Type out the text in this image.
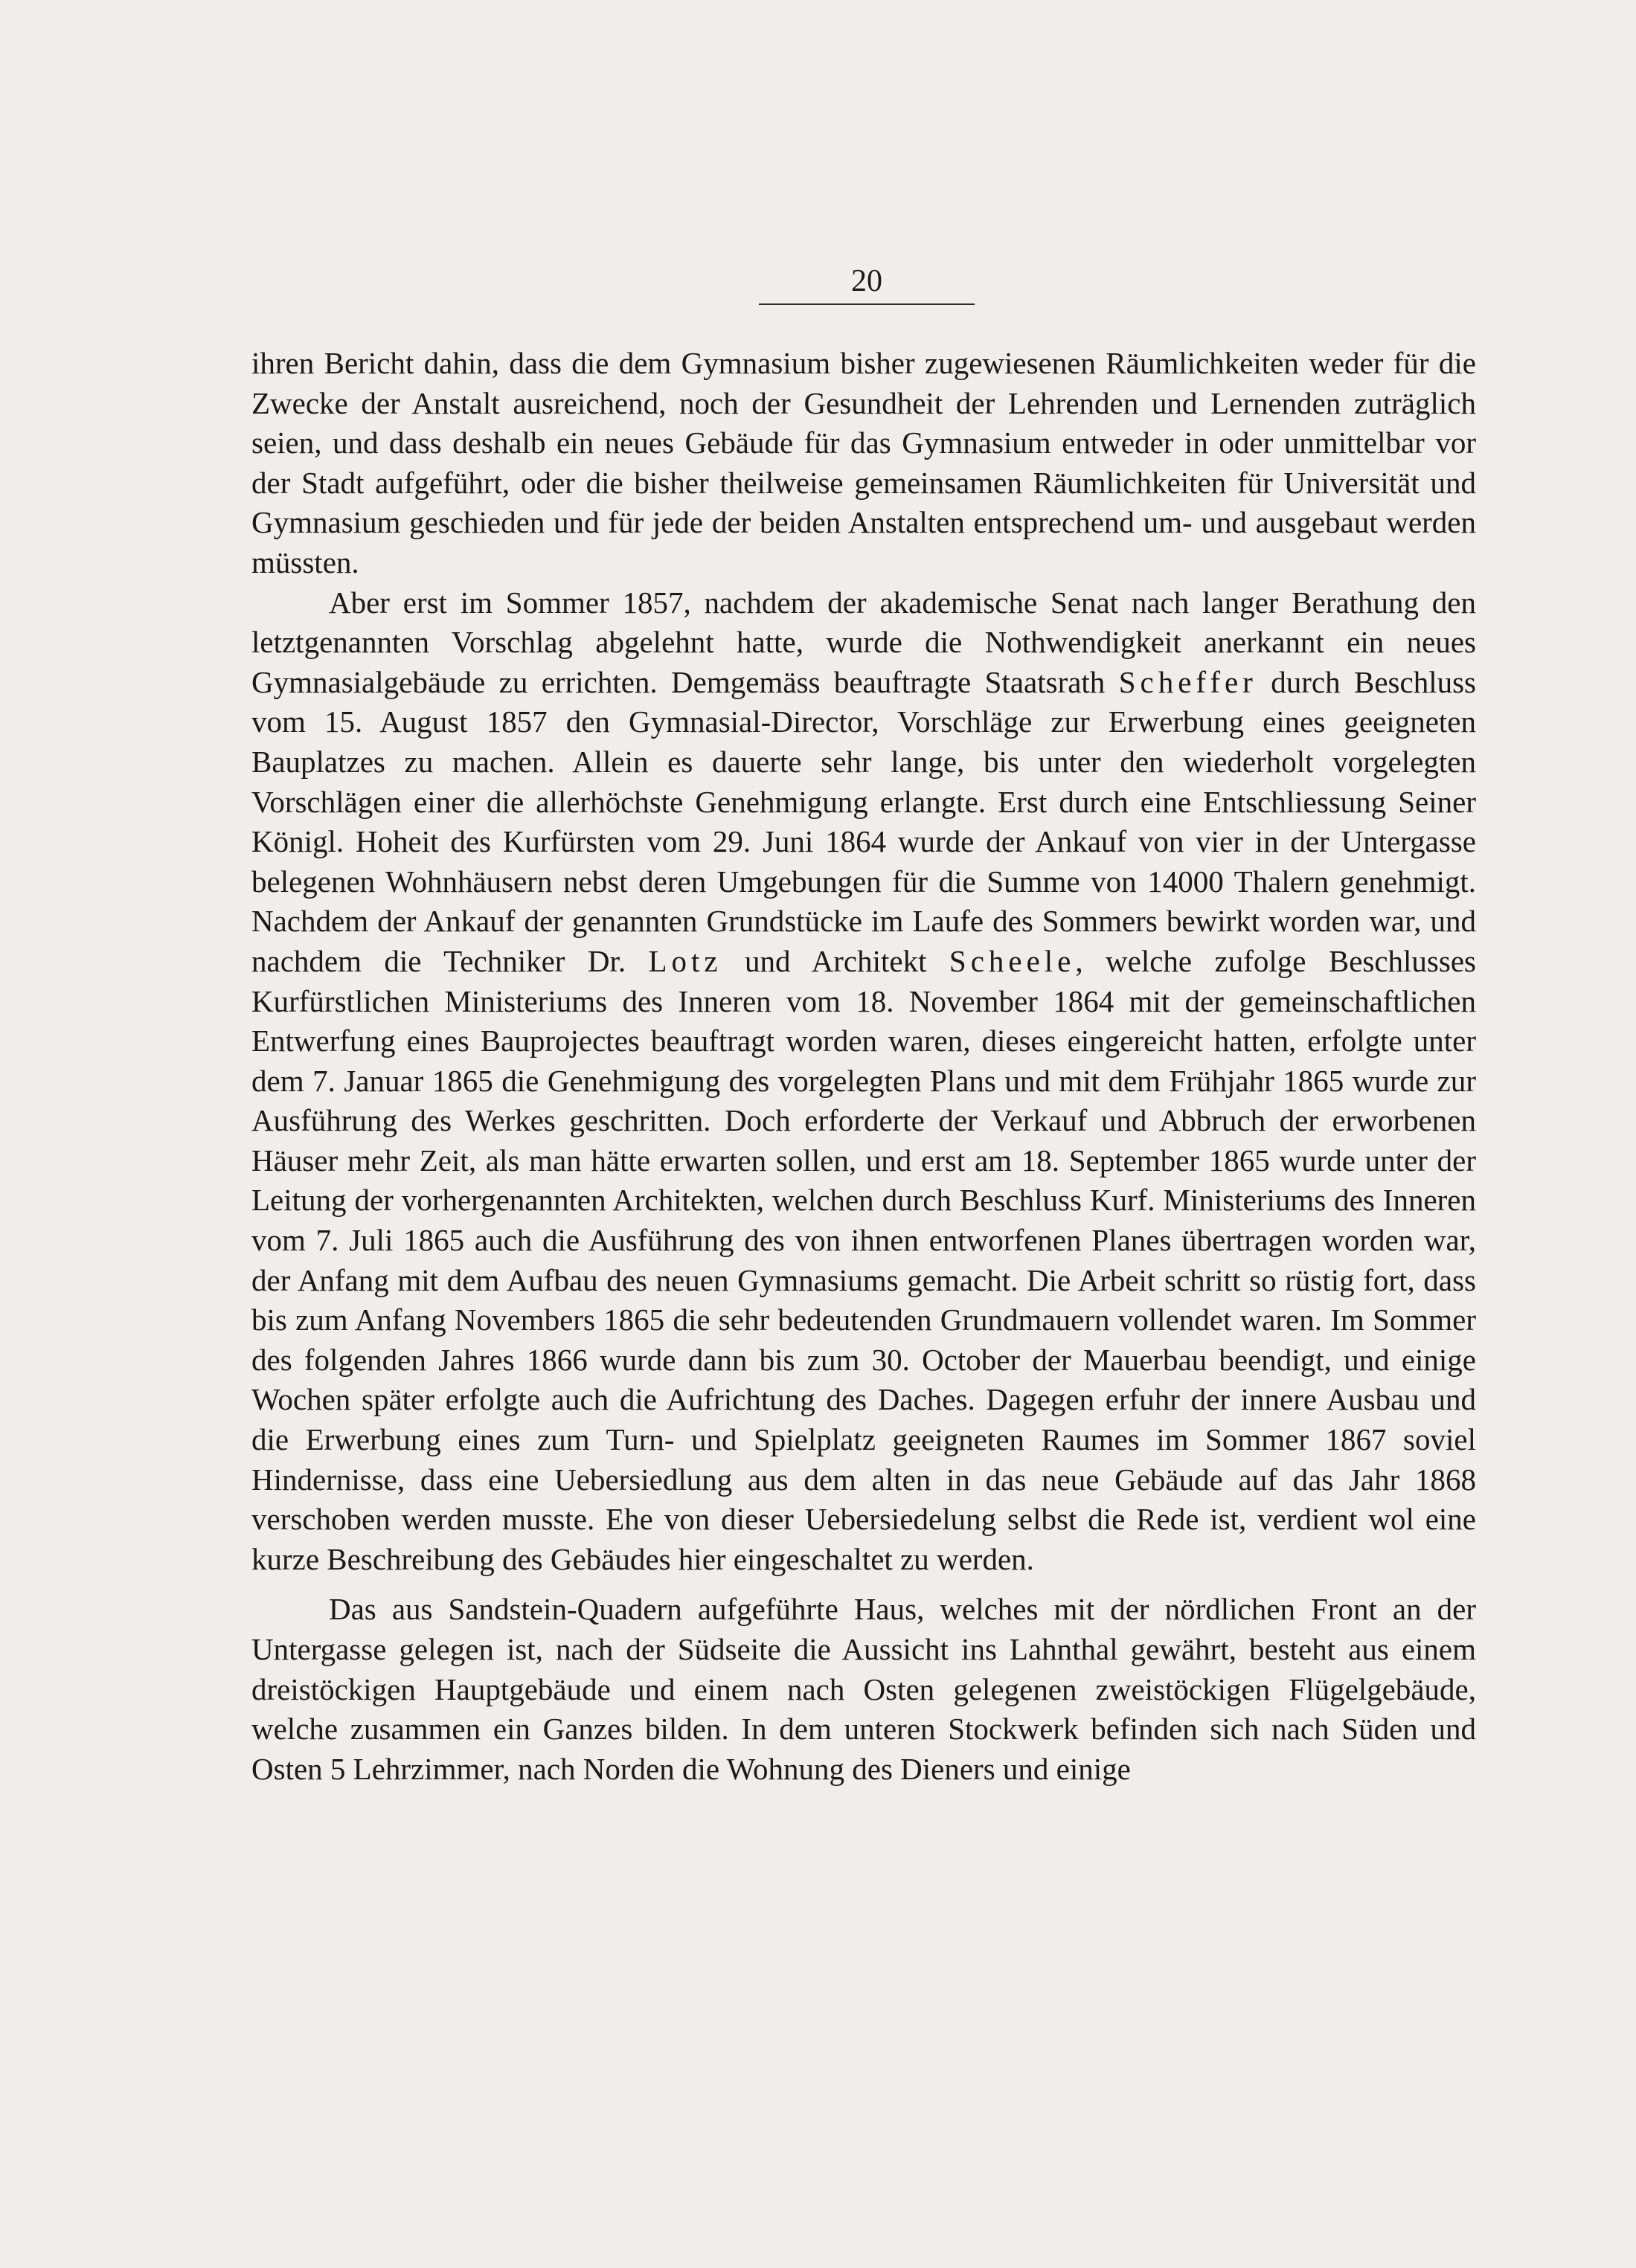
20

ihren Bericht dahin, dass die dem Gymnasium bisher zugewiesenen Räumlichkeiten weder für die Zwecke der Anstalt ausreichend, noch der Gesundheit der Lehrenden und Lernenden zuträglich seien, und dass deshalb ein neues Gebäude für das Gymnasium entweder in oder unmittelbar vor der Stadt aufgeführt, oder die bisher theilweise gemeinsamen Räumlichkeiten für Universität und Gymnasium geschieden und für jede der beiden Anstalten entsprechend um- und ausgebaut werden müssten.

Aber erst im Sommer 1857, nachdem der akademische Senat nach langer Berathung den letztgenannten Vorschlag abgelehnt hatte, wurde die Nothwendigkeit anerkannt ein neues Gymnasialgebäude zu errichten. Demgemäss beauftragte Staatsrath Scheffer durch Beschluss vom 15. August 1857 den Gymnasial-Director, Vorschläge zur Erwerbung eines geeigneten Bauplatzes zu machen. Allein es dauerte sehr lange, bis unter den wiederholt vorgelegten Vorschlägen einer die allerhöchste Genehmigung erlangte. Erst durch eine Entschliessung Seiner Königl. Hoheit des Kurfürsten vom 29. Juni 1864 wurde der Ankauf von vier in der Untergasse belegenen Wohnhäusern nebst deren Umgebungen für die Summe von 14000 Thalern genehmigt. Nachdem der Ankauf der genannten Grundstücke im Laufe des Sommers bewirkt worden war, und nachdem die Techniker Dr. Lotz und Architekt Scheele, welche zufolge Beschlusses Kurfürstlichen Ministeriums des Inneren vom 18. November 1864 mit der gemeinschaftlichen Entwerfung eines Bauprojectes beauftragt worden waren, dieses eingereicht hatten, erfolgte unter dem 7. Januar 1865 die Genehmigung des vorgelegten Plans und mit dem Frühjahr 1865 wurde zur Ausführung des Werkes geschritten. Doch erforderte der Verkauf und Abbruch der erworbenen Häuser mehr Zeit, als man hätte erwarten sollen, und erst am 18. September 1865 wurde unter der Leitung der vorhergenannten Architekten, welchen durch Beschluss Kurf. Ministeriums des Inneren vom 7. Juli 1865 auch die Ausführung des von ihnen entworfenen Planes übertragen worden war, der Anfang mit dem Aufbau des neuen Gymnasiums gemacht. Die Arbeit schritt so rüstig fort, dass bis zum Anfang Novembers 1865 die sehr bedeutenden Grundmauern vollendet waren. Im Sommer des folgenden Jahres 1866 wurde dann bis zum 30. October der Mauerbau beendigt, und einige Wochen später erfolgte auch die Aufrichtung des Daches. Dagegen erfuhr der innere Ausbau und die Erwerbung eines zum Turn- und Spielplatz geeigneten Raumes im Sommer 1867 soviel Hindernisse, dass eine Uebersiedlung aus dem alten in das neue Gebäude auf das Jahr 1868 verschoben werden musste. Ehe von dieser Uebersiedelung selbst die Rede ist, verdient wol eine kurze Beschreibung des Gebäudes hier eingeschaltet zu werden.

Das aus Sandstein-Quadern aufgeführte Haus, welches mit der nördlichen Front an der Untergasse gelegen ist, nach der Südseite die Aussicht ins Lahnthal gewährt, besteht aus einem dreistöckigen Hauptgebäude und einem nach Osten gelegenen zweistöckigen Flügelgebäude, welche zusammen ein Ganzes bilden. In dem unteren Stockwerk befinden sich nach Süden und Osten 5 Lehrzimmer, nach Norden die Wohnung des Dieners und einige
